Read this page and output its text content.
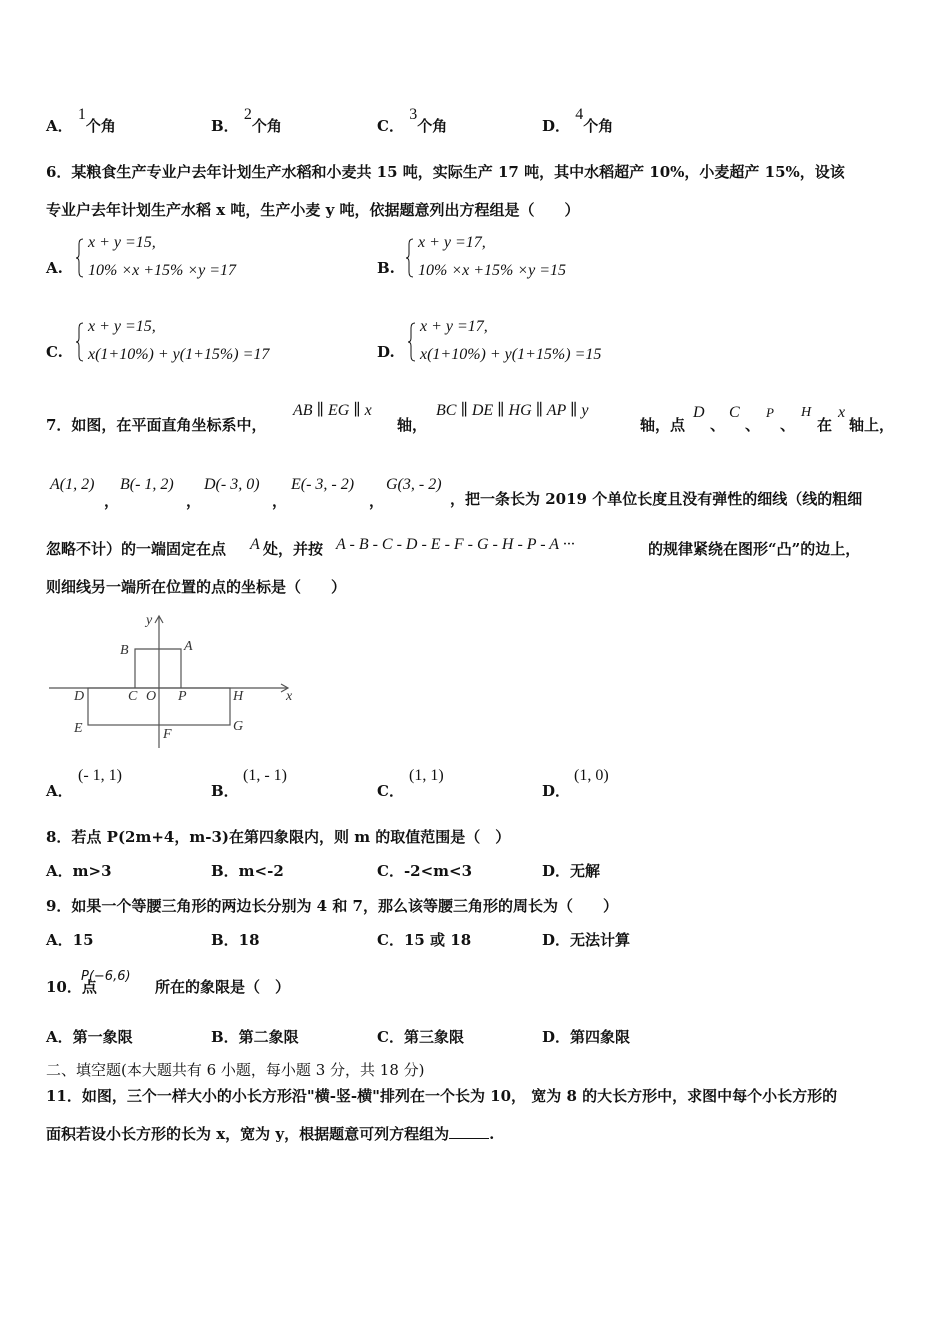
A． 1个角	B． 2个角	C． 3个角	D． 4个角
6．某粮食生产专业户去年计划生产水稻和小麦共 15 吨，实际生产 17 吨，其中水稻超产 10%，小麦超产 15%，设该
专业户去年计划生产水稻 x 吨，生产小麦 y 吨，依据题意列出方程组是（　　）
A.
x + y =15,
10% ×x +15% ×y =17	B.
x + y =17,
10% ×x +15% ×y =15
C.
x + y =15,
x(1+10%) + y(1+15%) =17	D.
x + y =17,
x(1+10%) + y(1+15%) =15
7．如图，在平面直角坐标系中，
AB ∥ EG ∥ x
轴，
BC ∥ DE ∥ HG ∥ AP ∥ y
轴，点
D
、
C
、
P
、
H
在
x
轴上，
A(1, 2)
，
B(- 1, 2)
，
D(- 3, 0)
，
E(- 3, - 2)
，
G(3, - 2)
，把一条长为 2019 个单位长度且没有弹性的细线（线的粗细
忽略不计）的一端固定在点 A 处，并按 A - B - C - D - E - F - G - H - P - A ···	的规律紧绕在图形“凸”的边上，
则细线另一端所在位置的点的坐标是（　　）
y
x
A
B
C O P
D	H
E	G
F
A．
(- 1, 1)
B．
(1, - 1)
C．
(1, 1)
D．
(1, 0)
8．若点 P(2m+4，m-3)在第四象限内，则 m 的取值范围是（　）
A．m>3	B．m<-2	C．-2<m<3	D．无解
9．如果一个等腰三角形的两边长分别为 4 和 7，那么该等腰三角形的周长为（　　）
A．15	B．18	C．15 或 18	D．无法计算
10．点
P(−6,6)
所在的象限是（　）
A．第一象限	B．第二象限	C．第三象限	D．第四象限
二、填空题(本大题共有 6 小题，每小题 3 分，共 18 分)
11．如图，三个一样大小的小长方形沿"横-竖-横"排列在一个长为 10， 宽为 8 的大长方形中，求图中每个小长方形的
面积若设小长方形的长为 x，宽为 y，根据题意可列方程组为	.
